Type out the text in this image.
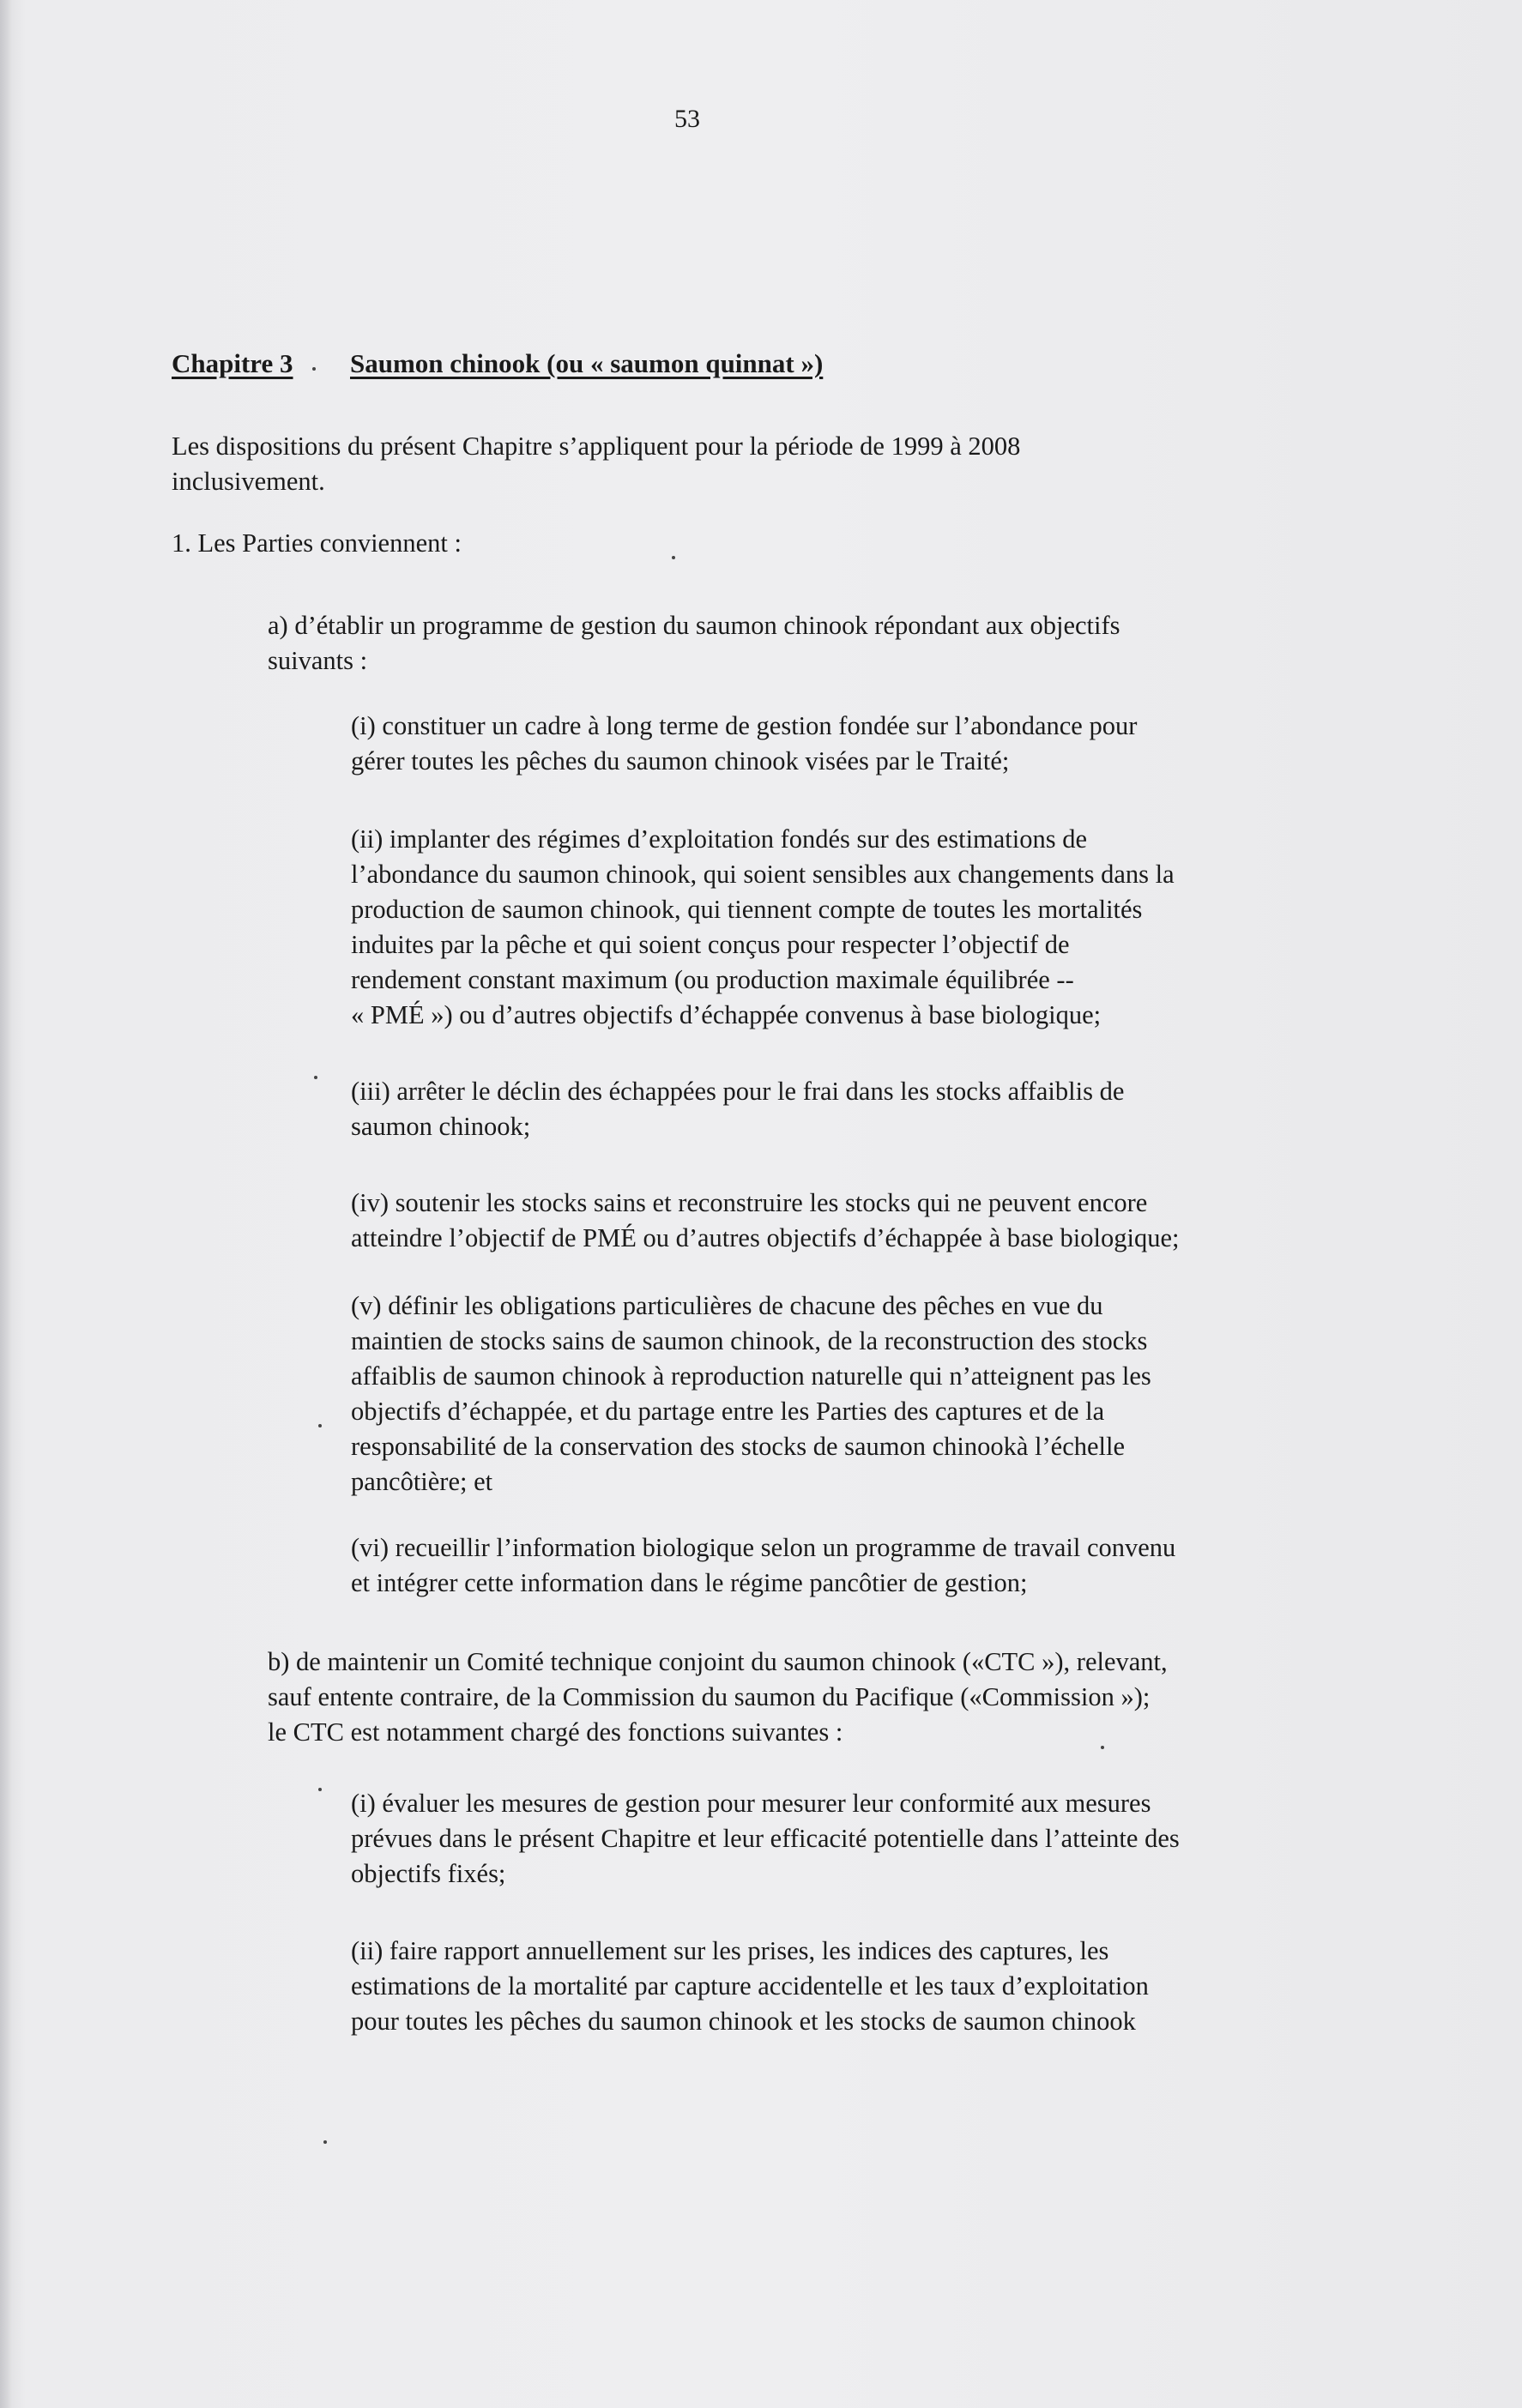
53
Chapitre 3 Saumon chinook (ou « saumon quinnat »)

Les dispositions du présent Chapitre s’appliquent pour la période de 1999 à 2008
inclusivement.

1. Les Parties conviennent :

a) d’établir un programme de gestion du saumon chinook répondant aux objectifs
suivants :

(i) constituer un cadre à long terme de gestion fondée sur l’abondance pour
gérer toutes les pêches du saumon chinook visées par le Traité;

(ii) implanter des régimes d’exploitation fondés sur des estimations de
l’abondance du saumon chinook, qui soient sensibles aux changements dans la
production de saumon chinook, qui tiennent compte de toutes les mortalités
induites par la pêche et qui soient conçus pour respecter l’objectif de
rendement constant maximum (ou production maximale équilibrée --
« PMÉ ») ou d’autres objectifs d’échappée convenus à base biologique;

(iii) arrêter le déclin des échappées pour le frai dans les stocks affaiblis de
saumon chinook;

(iv) soutenir les stocks sains et reconstruire les stocks qui ne peuvent encore
atteindre l’objectif de PMÉ ou d’autres objectifs d’échappée à base biologique;

(v) définir les obligations particulières de chacune des pêches en vue du
maintien de stocks sains de saumon chinook, de la reconstruction des stocks
affaiblis de saumon chinook à reproduction naturelle qui n’atteignent pas les
objectifs d’échappée, et du partage entre les Parties des captures et de la
responsabilité de la conservation des stocks de saumon chinookà l’échelle
pancôtière; et

(vi) recueillir l’information biologique selon un programme de travail convenu
et intégrer cette information dans le régime pancôtier de gestion;

b) de maintenir un Comité technique conjoint du saumon chinook («CTC »), relevant,
sauf entente contraire, de la Commission du saumon du Pacifique («Commission »);
le CTC est notamment chargé des fonctions suivantes :

(i) évaluer les mesures de gestion pour mesurer leur conformité aux mesures
prévues dans le présent Chapitre et leur efficacité potentielle dans l’atteinte des
objectifs fixés;

(ii) faire rapport annuellement sur les prises, les indices des captures, les
estimations de la mortalité par capture accidentelle et les taux d’exploitation
pour toutes les pêches du saumon chinook et les stocks de saumon chinook
